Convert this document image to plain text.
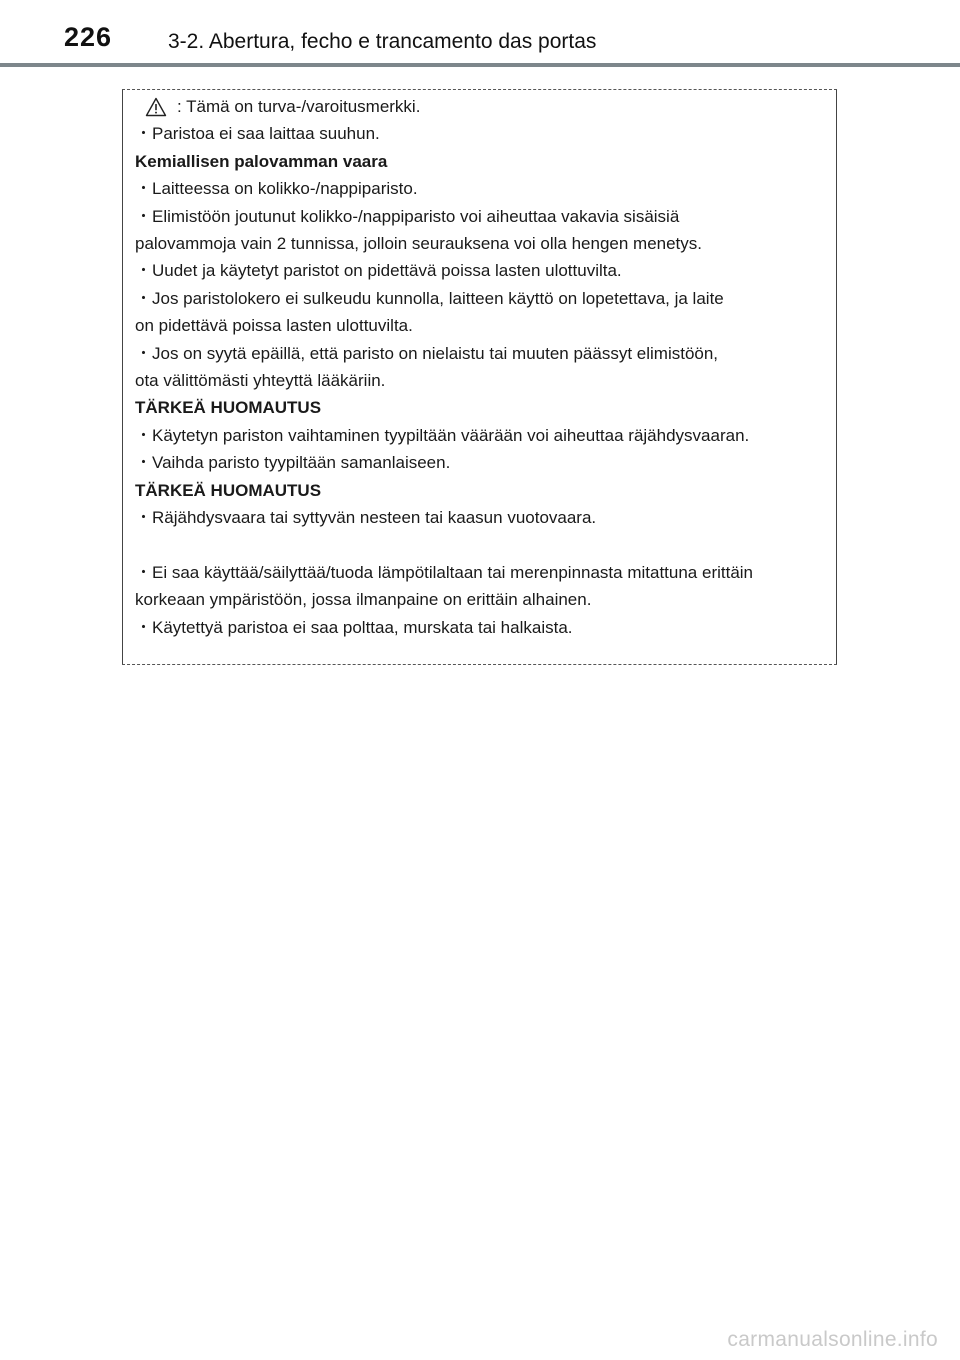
226	3-2. Abertura, fecho e trancamento das portas
: Tämä on turva-/varoitusmerkki.
・Paristoa ei saa laittaa suuhun.
Kemiallisen palovamman vaara
・Laitteessa on kolikko-/nappiparisto.
・Elimistöön joutunut kolikko-/nappiparisto voi aiheuttaa vakavia sisäisiä
palovammoja vain 2 tunnissa, jolloin seurauksena voi olla hengen menetys.
・Uudet ja käytetyt paristot on pidettävä poissa lasten ulottuvilta.
・Jos paristolokero ei sulkeudu kunnolla, laitteen käyttö on lopetettava, ja laite
on pidettävä poissa lasten ulottuvilta.
・Jos on syytä epäillä, että paristo on nielaistu tai muuten päässyt elimistöön,
ota välittömästi yhteyttä lääkäriin.
TÄRKEÄ HUOMAUTUS
・Käytetyn pariston vaihtaminen tyypiltään väärään voi aiheuttaa räjähdysvaaran.
・Vaihda paristo tyypiltään samanlaiseen.
TÄRKEÄ HUOMAUTUS
・Räjähdysvaara tai syttyvän nesteen tai kaasun vuotovaara.
・Ei saa käyttää/säilyttää/tuoda lämpötilaltaan tai merenpinnasta mitattuna erittäin
korkeaan ympäristöön, jossa ilmanpaine on erittäin alhainen.
・Käytettyä paristoa ei saa polttaa, murskata tai halkaista.
carmanualsonline.info
